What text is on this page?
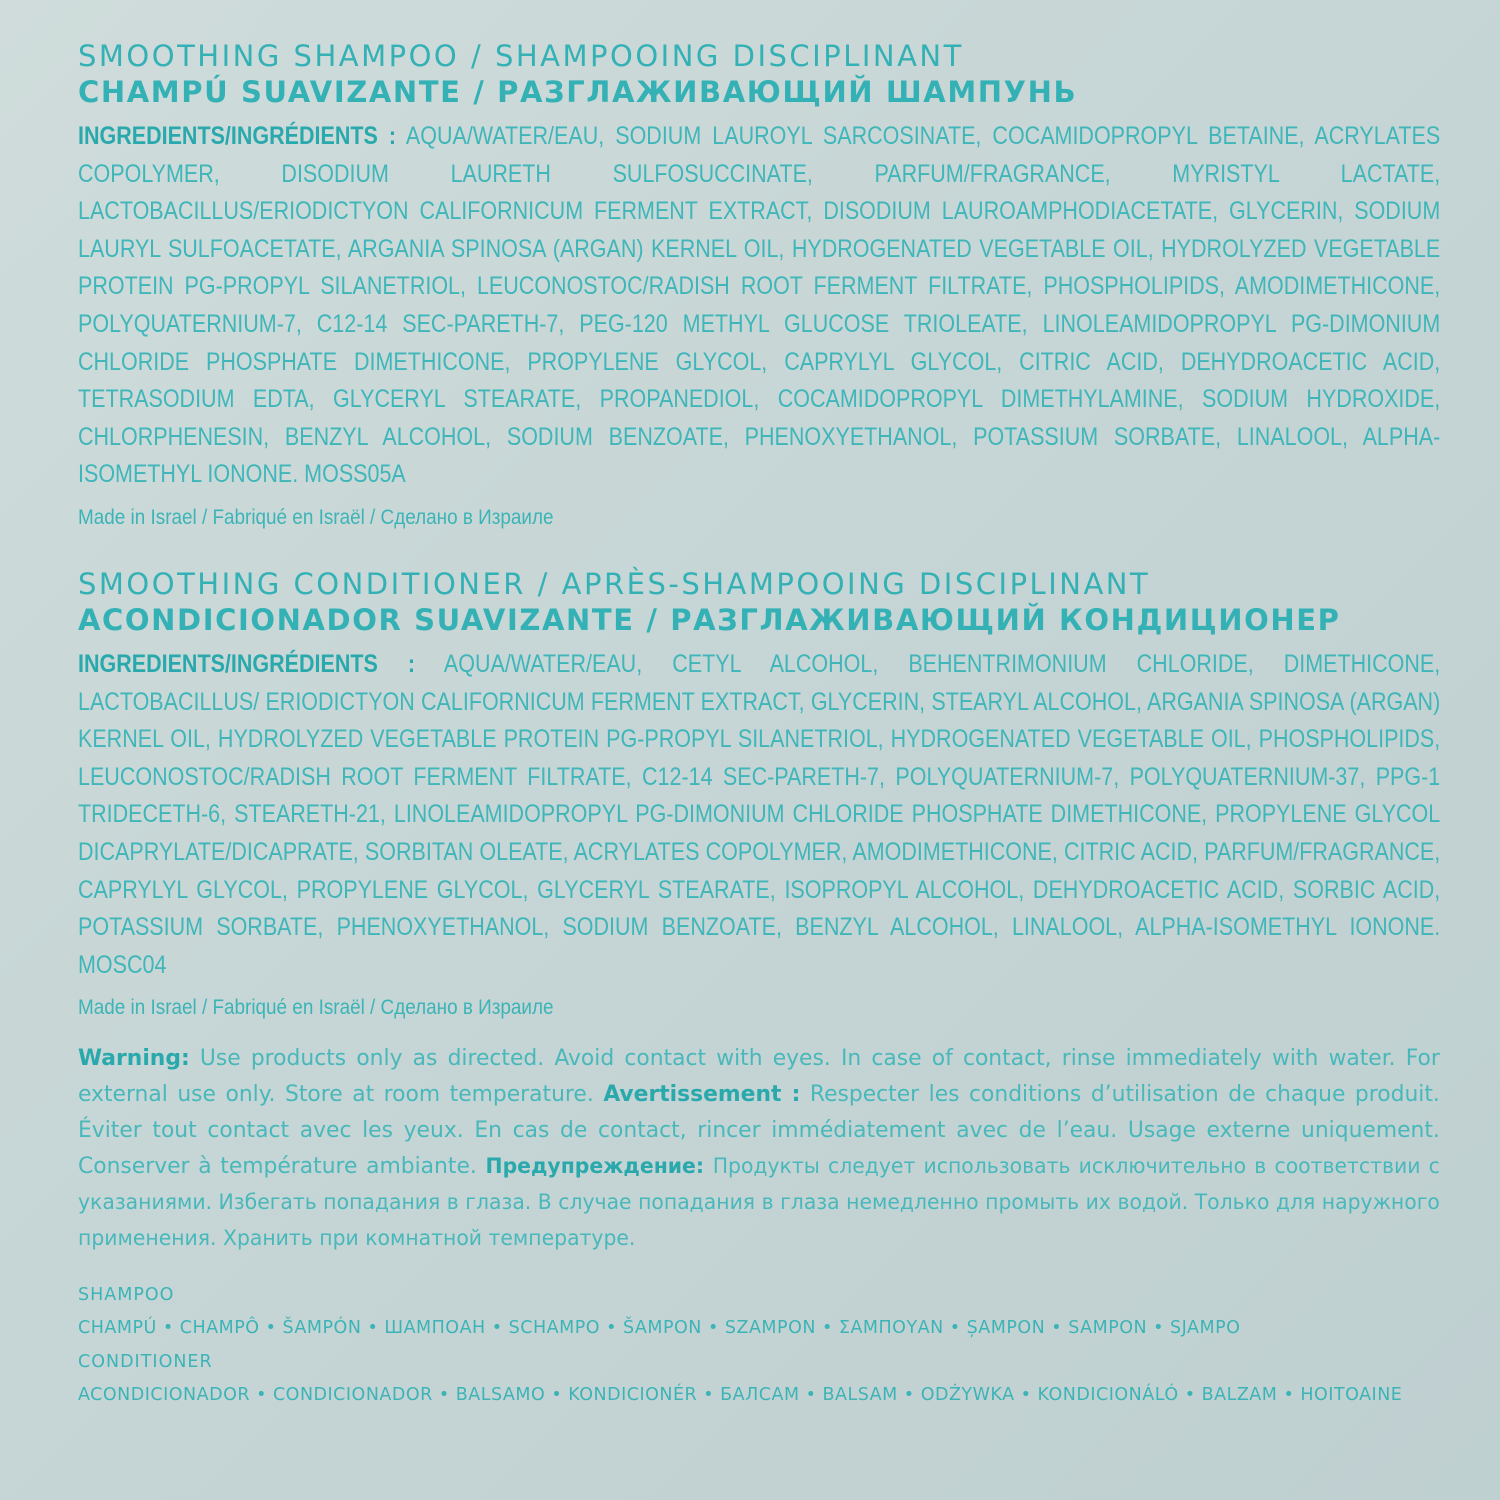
SMOOTHING SHAMPOO / SHAMPOOING DISCIPLINANT
CHAMPÚ SUAVIZANTE / РАЗГЛАЖИВАЮЩИЙ ШАМПУНЬ
INGREDIENTS/INGRÉDIENTS : AQUA/WATER/EAU, SODIUM LAUROYL SARCOSINATE, COCAMIDOPROPYL BETAINE, ACRYLATES COPOLYMER, DISODIUM LAURETH SULFOSUCCINATE, PARFUM/FRAGRANCE, MYRISTYL LACTATE, LACTOBACILLUS/ERIODICTYON CALIFORNICUM FERMENT EXTRACT, DISODIUM LAUROAMPHODIACETATE, GLYCERIN, SODIUM LAURYL SULFOACETATE, ARGANIA SPINOSA (ARGAN) KERNEL OIL, HYDROGENATED VEGETABLE OIL, HYDROLYZED VEGETABLE PROTEIN PG-PROPYL SILANETRIOL, LEUCONOSTOC/RADISH ROOT FERMENT FILTRATE, PHOSPHOLIPIDS, AMODIMETHICONE, POLYQUATERNIUM-7, C12-14 SEC-PARETH-7, PEG-120 METHYL GLUCOSE TRIOLEATE, LINOLEAMIDOPROPYL PG-DIMONIUM CHLORIDE PHOSPHATE DIMETHICONE, PROPYLENE GLYCOL, CAPRYLYL GLYCOL, CITRIC ACID, DEHYDROACETIC ACID, TETRASODIUM EDTA, GLYCERYL STEARATE, PROPANEDIOL, COCAMIDOPROPYL DIMETHYLAMINE, SODIUM HYDROXIDE, CHLORPHENESIN, BENZYL ALCOHOL, SODIUM BENZOATE, PHENOXYETHANOL, POTASSIUM SORBATE, LINALOOL, ALPHA-ISOMETHYL IONONE. MOSS05A
Made in Israel / Fabriqué en Israël / Сделано в Израиле
SMOOTHING CONDITIONER / APRÈS-SHAMPOOING DISCIPLINANT
ACONDICIONADOR SUAVIZANTE / РАЗГЛАЖИВАЮЩИЙ КОНДИЦИОНЕР
INGREDIENTS/INGRÉDIENTS : AQUA/WATER/EAU, CETYL ALCOHOL, BEHENTRIMONIUM CHLORIDE, DIMETHICONE, LACTOBACILLUS/ ERIODICTYON CALIFORNICUM FERMENT EXTRACT, GLYCERIN, STEARYL ALCOHOL, ARGANIA SPINOSA (ARGAN) KERNEL OIL, HYDROLYZED VEGETABLE PROTEIN PG-PROPYL SILANETRIOL, HYDROGENATED VEGETABLE OIL, PHOSPHOLIPIDS, LEUCONOSTOC/RADISH ROOT FERMENT FILTRATE, C12-14 SEC-PARETH-7, POLYQUATERNIUM-7, POLYQUATERNIUM-37, PPG-1 TRIDECETH-6, STEARETH-21, LINOLEAMIDOPROPYL PG-DIMONIUM CHLORIDE PHOSPHATE DIMETHICONE, PROPYLENE GLYCOL DICAPRYLATE/DICAPRATE, SORBITAN OLEATE, ACRYLATES COPOLYMER, AMODIMETHICONE, CITRIC ACID, PARFUM/FRAGRANCE, CAPRYLYL GLYCOL, PROPYLENE GLYCOL, GLYCERYL STEARATE, ISOPROPYL ALCOHOL, DEHYDROACETIC ACID, SORBIC ACID, POTASSIUM SORBATE, PHENOXYETHANOL, SODIUM BENZOATE, BENZYL ALCOHOL, LINALOOL, ALPHA-ISOMETHYL IONONE. MOSC04
Made in Israel / Fabriqué en Israël / Сделано в Израиле
Warning: Use products only as directed. Avoid contact with eyes. In case of contact, rinse immediately with water. For external use only. Store at room temperature. Avertissement : Respecter les conditions d’utilisation de chaque produit. Éviter tout contact avec les yeux. En cas de contact, rincer immédiatement avec de l’eau. Usage externe uniquement. Conserver à température ambiante. Предупреждение: Продукты следует использовать исключительно в соответствии с указаниями. Избегать попадания в глаза. В случае попадания в глаза немедленно промыть их водой. Только для наружного применения. Хранить при комнатной температуре.
SHAMPOO
CHAMPÚ • CHAMPÔ • ŠAMPÓN • ШАМПОАН • SCHAMPO • ŠAMPON • SZAMPON • ΣΑΜΠΟΥΑΝ • ȘAMPON • SAMPON • SJAMPO
CONDITIONER
ACONDICIONADOR • CONDICIONADOR • BALSAMO • KONDICIONÉR • БАЛСАМ • BALSAM • ODŻYWKA • KONDICIONÁLÓ • BALZAM • HOITOAINE
